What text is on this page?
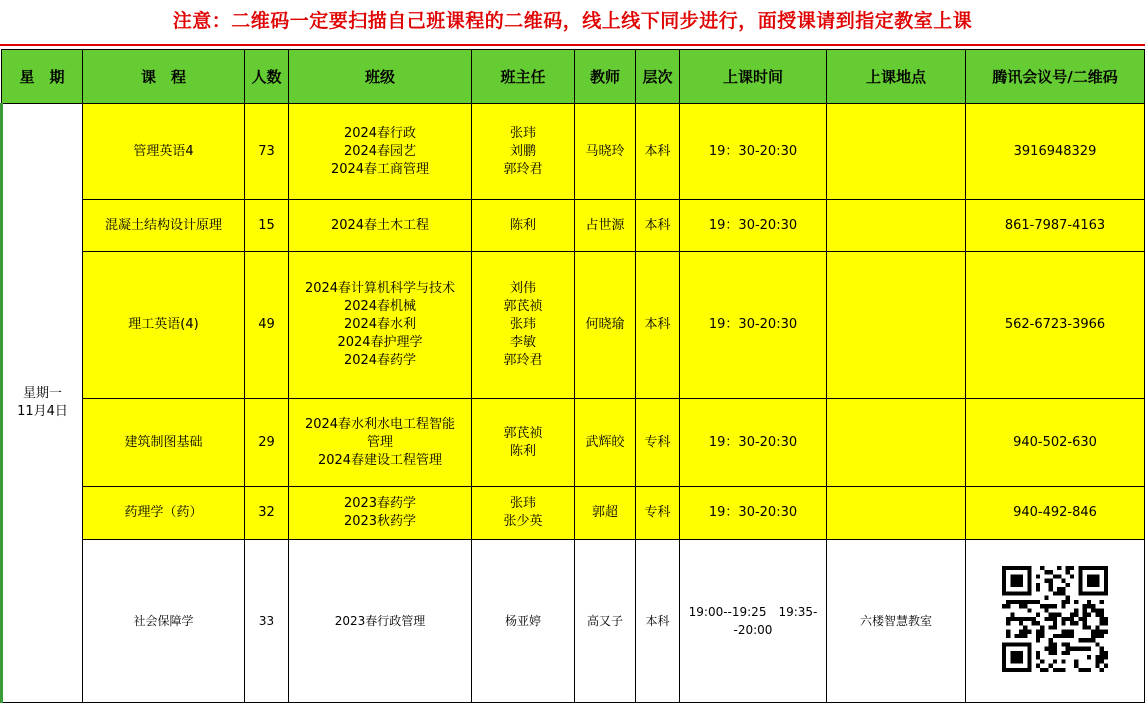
注意：二维码一定要扫描自己班课程的二维码，线上线下同步进行，面授课请到指定教室上课
星　期	课　程	人数	班级	班主任	教师	层次	上课时间	上课地点	腾讯会议号/二维码

星期一
11月4日	管理英语4	73	2024春行政
2024春园艺
2024春工商管理	张玮
刘鹏
郭玲君	马晓玲	本科	19：30-20:30		3916948329
	混凝土结构设计原理	15	2024春土木工程	陈利	占世源	本科	19：30-20:30		861-7987-4163
	理工英语(4)	49	2024春计算机科学与技术
2024春机械
2024春水利
2024春护理学
2024春药学	刘伟
郭芪祯
张玮
李敏
郭玲君	何晓瑜	本科	19：30-20:30		562-6723-3966
	建筑制图基础	29	2024春水利水电工程智能
管理
2024春建设工程管理	郭芪祯
陈利	武辉皎	专科	19：30-20:30		940-502-630
	药理学（药）	32	2023春药学
2023秋药学	张玮
张少英	郭超	专科	19：30-20:30		940-492-846
	社会保障学	33	2023春行政管理	杨亚婷	高又子	本科	19:00--19:25　19:35-
-20:00	六楼智慧教室	
